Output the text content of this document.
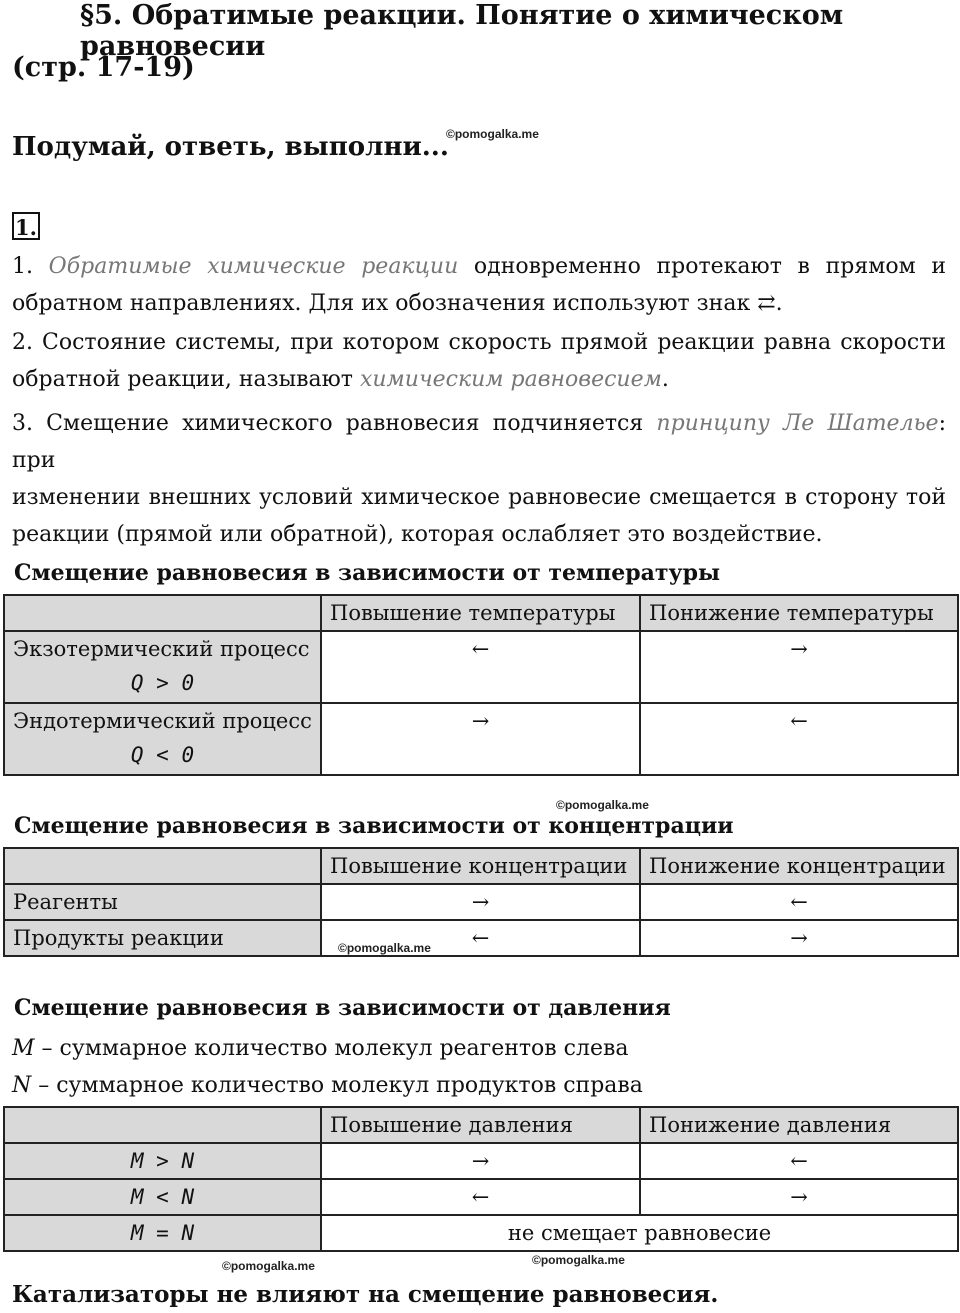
§5. Обратимые реакции. Понятие о химическом равновесии
(стр. 17-19)
Подумай, ответь, выполни...
©pomogalka.me
1.
1. Обратимые химические реакции одновременно протекают в прямом и
обратном направлениях. Для их обозначения используют знак ⇄.
2. Состояние системы, при котором скорость прямой реакции равна скорости
обратной реакции, называют химическим равновесием.
3. Смещение химического равновесия подчиняется принципу Ле Шателье: при
изменении внешних условий химическое равновесие смещается в сторону той
реакции (прямой или обратной), которая ослабляет это воздействие.
Смещение равновесия в зависимости от температуры
	Повышение температуры	Понижение температуры

Экзотермический процесс
Q > 0	←	→

Эндотермический процесс
Q < 0	→	←
©pomogalka.me
Смещение равновесия в зависимости от концентрации
	Повышение концентрации	Понижение концентрации
Реагенты	→	←
Продукты реакции	←	→
©pomogalka.me
Смещение равновесия в зависимости от давления
M – суммарное количество молекул реагентов слева
N – суммарное количество молекул продуктов справа
	Повышение давления	Понижение давления
M > N	→	←
M < N	←	→
M = N	не смещает равновесие	
©pomogalka.me	©pomogalka.me
Катализаторы не влияют на смещение равновесия.
